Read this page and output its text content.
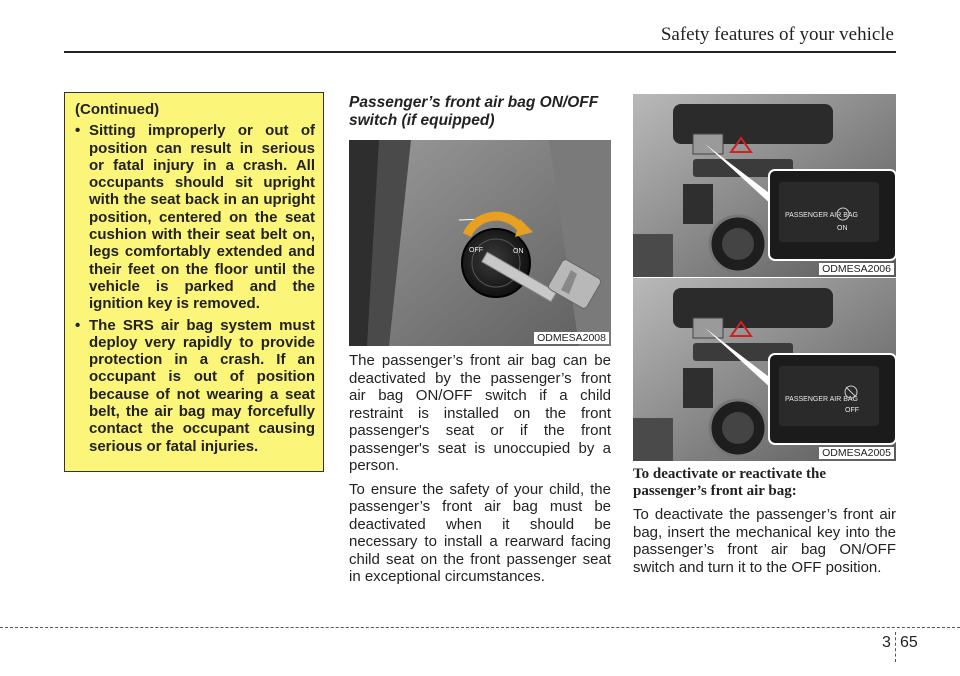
Safety features of your vehicle
(Continued)
• Sitting improperly or out of position can result in serious or fatal injury in a crash. All occupants should sit upright with the seat back in an upright position, centered on the seat cushion with their seat belt on, legs comfortably extended and their feet on the floor until the vehicle is parked and the ignition key is removed.
• The SRS air bag system must deploy very rapidly to provide protection in a crash. If an occupant is out of position because of not wearing a seat belt, the air bag may forcefully contact the occupant causing serious or fatal injuries.
Passenger’s front air bag ON/OFF switch (if equipped)
ON
OFF
ODMESA2008

The passenger’s front air bag can be deactivated by the passenger’s front air bag ON/OFF switch if a child restraint is installed on the front passenger's seat or if the front passenger's seat is unoccupied by a person.

To ensure the safety of your child, the passenger’s front air bag must be deactivated when it should be necessary to install a rearward facing child seat on the front passenger seat in exceptional circumstances.

PASSENGER AIR BAG
ON
ODMESA2006
PASSENGER AIR BAG
OFF
ODMESA2005
To deactivate or reactivate the passenger’s front air bag:

To deactivate the passenger’s front air bag, insert the mechanical key into the passenger’s front air bag ON/OFF switch and turn it to the OFF position.

3 65
